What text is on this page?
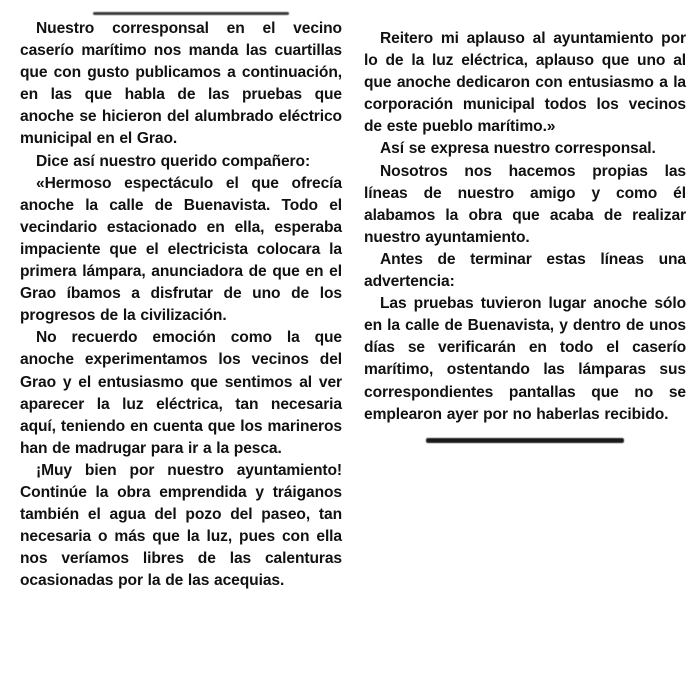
Nuestro corresponsal en el vecino caserío marítimo nos manda las cuartillas que con gusto publicamos a continuación, en las que habla de las pruebas que anoche se hicieron del alumbrado eléctrico municipal en el Grao.

Dice así nuestro querido compañero:

«Hermoso espectáculo el que ofrecía anoche la calle de Buenavista. Todo el vecindario estacionado en ella, esperaba impaciente que el electricista colocara la primera lámpara, anunciadora de que en el Grao íbamos a disfrutar de uno de los progresos de la civilización.

No recuerdo emoción como la que anoche experimentamos los vecinos del Grao y el entusiasmo que sentimos al ver aparecer la luz eléctrica, tan necesaria aquí, teniendo en cuenta que los marineros han de madrugar para ir a la pesca.

¡Muy bien por nuestro ayuntamiento! Continúe la obra emprendida y tráiganos también el agua del pozo del paseo, tan necesaria o más que la luz, pues con ella nos veríamos libres de las calenturas ocasionadas por la de las acequias.

Reitero mi aplauso al ayuntamiento por lo de la luz eléctrica, aplauso que uno al que anoche dedicaron con entusiasmo a la corporación municipal todos los vecinos de este pueblo marítimo.»

Así se expresa nuestro corresponsal.

Nosotros nos hacemos propias las líneas de nuestro amigo y como él alabamos la obra que acaba de realizar nuestro ayuntamiento.

Antes de terminar estas líneas una advertencia:

Las pruebas tuvieron lugar anoche sólo en la calle de Buenavista, y dentro de unos días se verificarán en todo el caserío marítimo, ostentando las lámparas sus correspondientes pantallas que no se emplearon ayer por no haberlas recibido.
